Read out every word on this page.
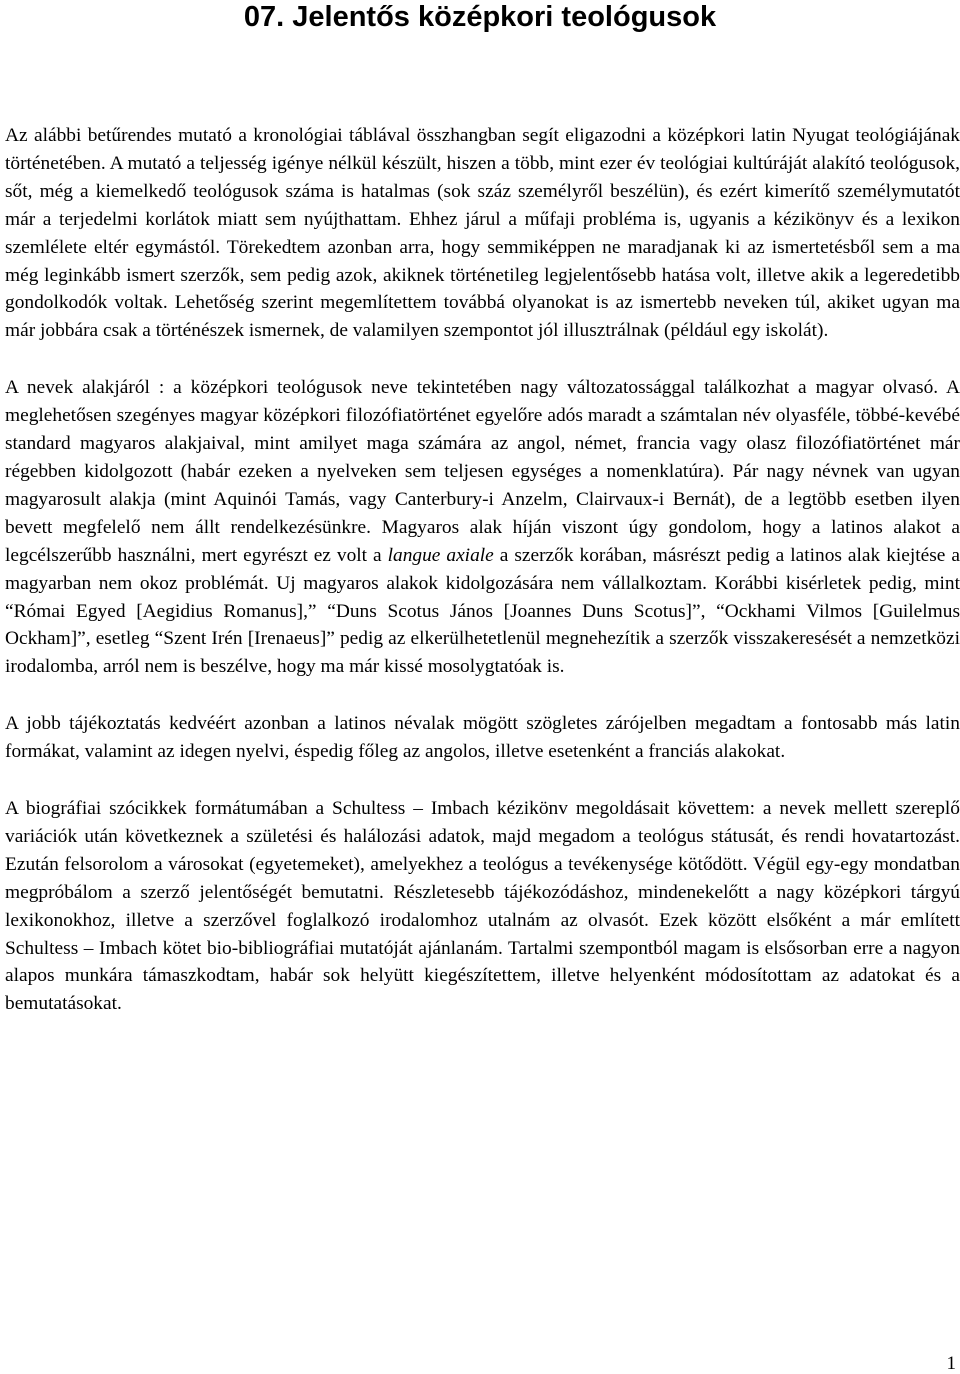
07. Jelentős középkori teológusok

Az alábbi betűrendes mutató a kronológiai táblával összhangban segít eligazodni a középkori latin Nyugat teológiájának történetében. A mutató a teljesség igénye nélkül készült, hiszen a több, mint ezer év teológiai kultúráját alakító teológusok, sőt, még a kiemelkedő teológusok száma is hatalmas (sok száz személyről beszélün), és ezért kimerítő személymutatót már a terjedelmi korlátok miatt sem nyújthattam. Ehhez járul a műfaji probléma is, ugyanis a kézikönyv és a lexikon szemlélete eltér egymástól. Törekedtem azonban arra, hogy semmiképpen ne maradjanak ki az ismertetésből sem a ma még leginkább ismert szerzők, sem pedig azok, akiknek történetileg legjelentősebb hatása volt, illetve akik a legeredetibb gondolkodók voltak. Lehetőség szerint megemlítettem továbbá olyanokat is az ismertebb neveken túl, akiket ugyan ma már jobbára csak a történészek ismernek, de valamilyen szempontot jól illusztrálnak (például egy iskolát).

A nevek alakjáról : a középkori teológusok neve tekintetében nagy változatossággal találkozhat a magyar olvasó. A meglehetősen szegényes magyar középkori filozófiatörténet egyelőre adós maradt a számtalan név olyasféle, többé-kevébé standard magyaros alakjaival, mint amilyet maga számára az angol, német, francia vagy olasz filozófiatörténet már régebben kidolgozott (habár ezeken a nyelveken sem teljesen egységes a nomenklatúra). Pár nagy névnek van ugyan magyarosult alakja (mint Aquinói Tamás, vagy Canterbury-i Anzelm, Clairvaux-i Bernát), de a legtöbb esetben ilyen bevett megfelelő nem állt rendelkezésünkre. Magyaros alak híján viszont úgy gondolom, hogy a latinos alakot a legcélszerűbb használni, mert egyrészt ez volt a langue axiale a szerzők korában, másrészt pedig a latinos alak kiejtése a magyarban nem okoz problémát. Uj magyaros alakok kidolgozására nem vállalkoztam. Korábbi kisérletek pedig, mint “Római Egyed [Aegidius Romanus],” “Duns Scotus János [Joannes Duns Scotus]”, “Ockhami Vilmos [Guilelmus Ockham]”, esetleg “Szent Irén [Irenaeus]” pedig az elkerülhetetlenül megnehezítik a szerzők visszakeresését a nemzetközi irodalomba, arról nem is beszélve, hogy ma már kissé mosolygtatóak is.

A jobb tájékoztatás kedvéért azonban a latinos névalak mögött szögletes zárójelben megadtam a fontosabb más latin formákat, valamint az idegen nyelvi, éspedig főleg az angolos, illetve esetenként a franciás alakokat.

A biográfiai szócikkek formátumában a Schultess – Imbach kézikönv megoldásait követtem: a nevek mellett szereplő variációk után következnek a születési és halálozási adatok, majd megadom a teológus státusát, és rendi hovatartozást. Ezután felsorolom a városokat (egyetemeket), amelyekhez a teológus a tevékenysége kötődött. Végül egy-egy mondatban megpróbálom a szerző jelentőségét bemutatni. Részletesebb tájékozódáshoz, mindenekelőtt a nagy középkori tárgyú lexikonokhoz, illetve a szerzővel foglalkozó irodalomhoz utalnám az olvasót. Ezek között elsőként a már említett Schultess – Imbach kötet bio-bibliográfiai mutatóját ajánlanám. Tartalmi szempontból magam is elsősorban erre a nagyon alapos munkára támaszkodtam, habár sok helyütt kiegészítettem, illetve helyenként módosítottam az adatokat és a bemutatásokat.

1
